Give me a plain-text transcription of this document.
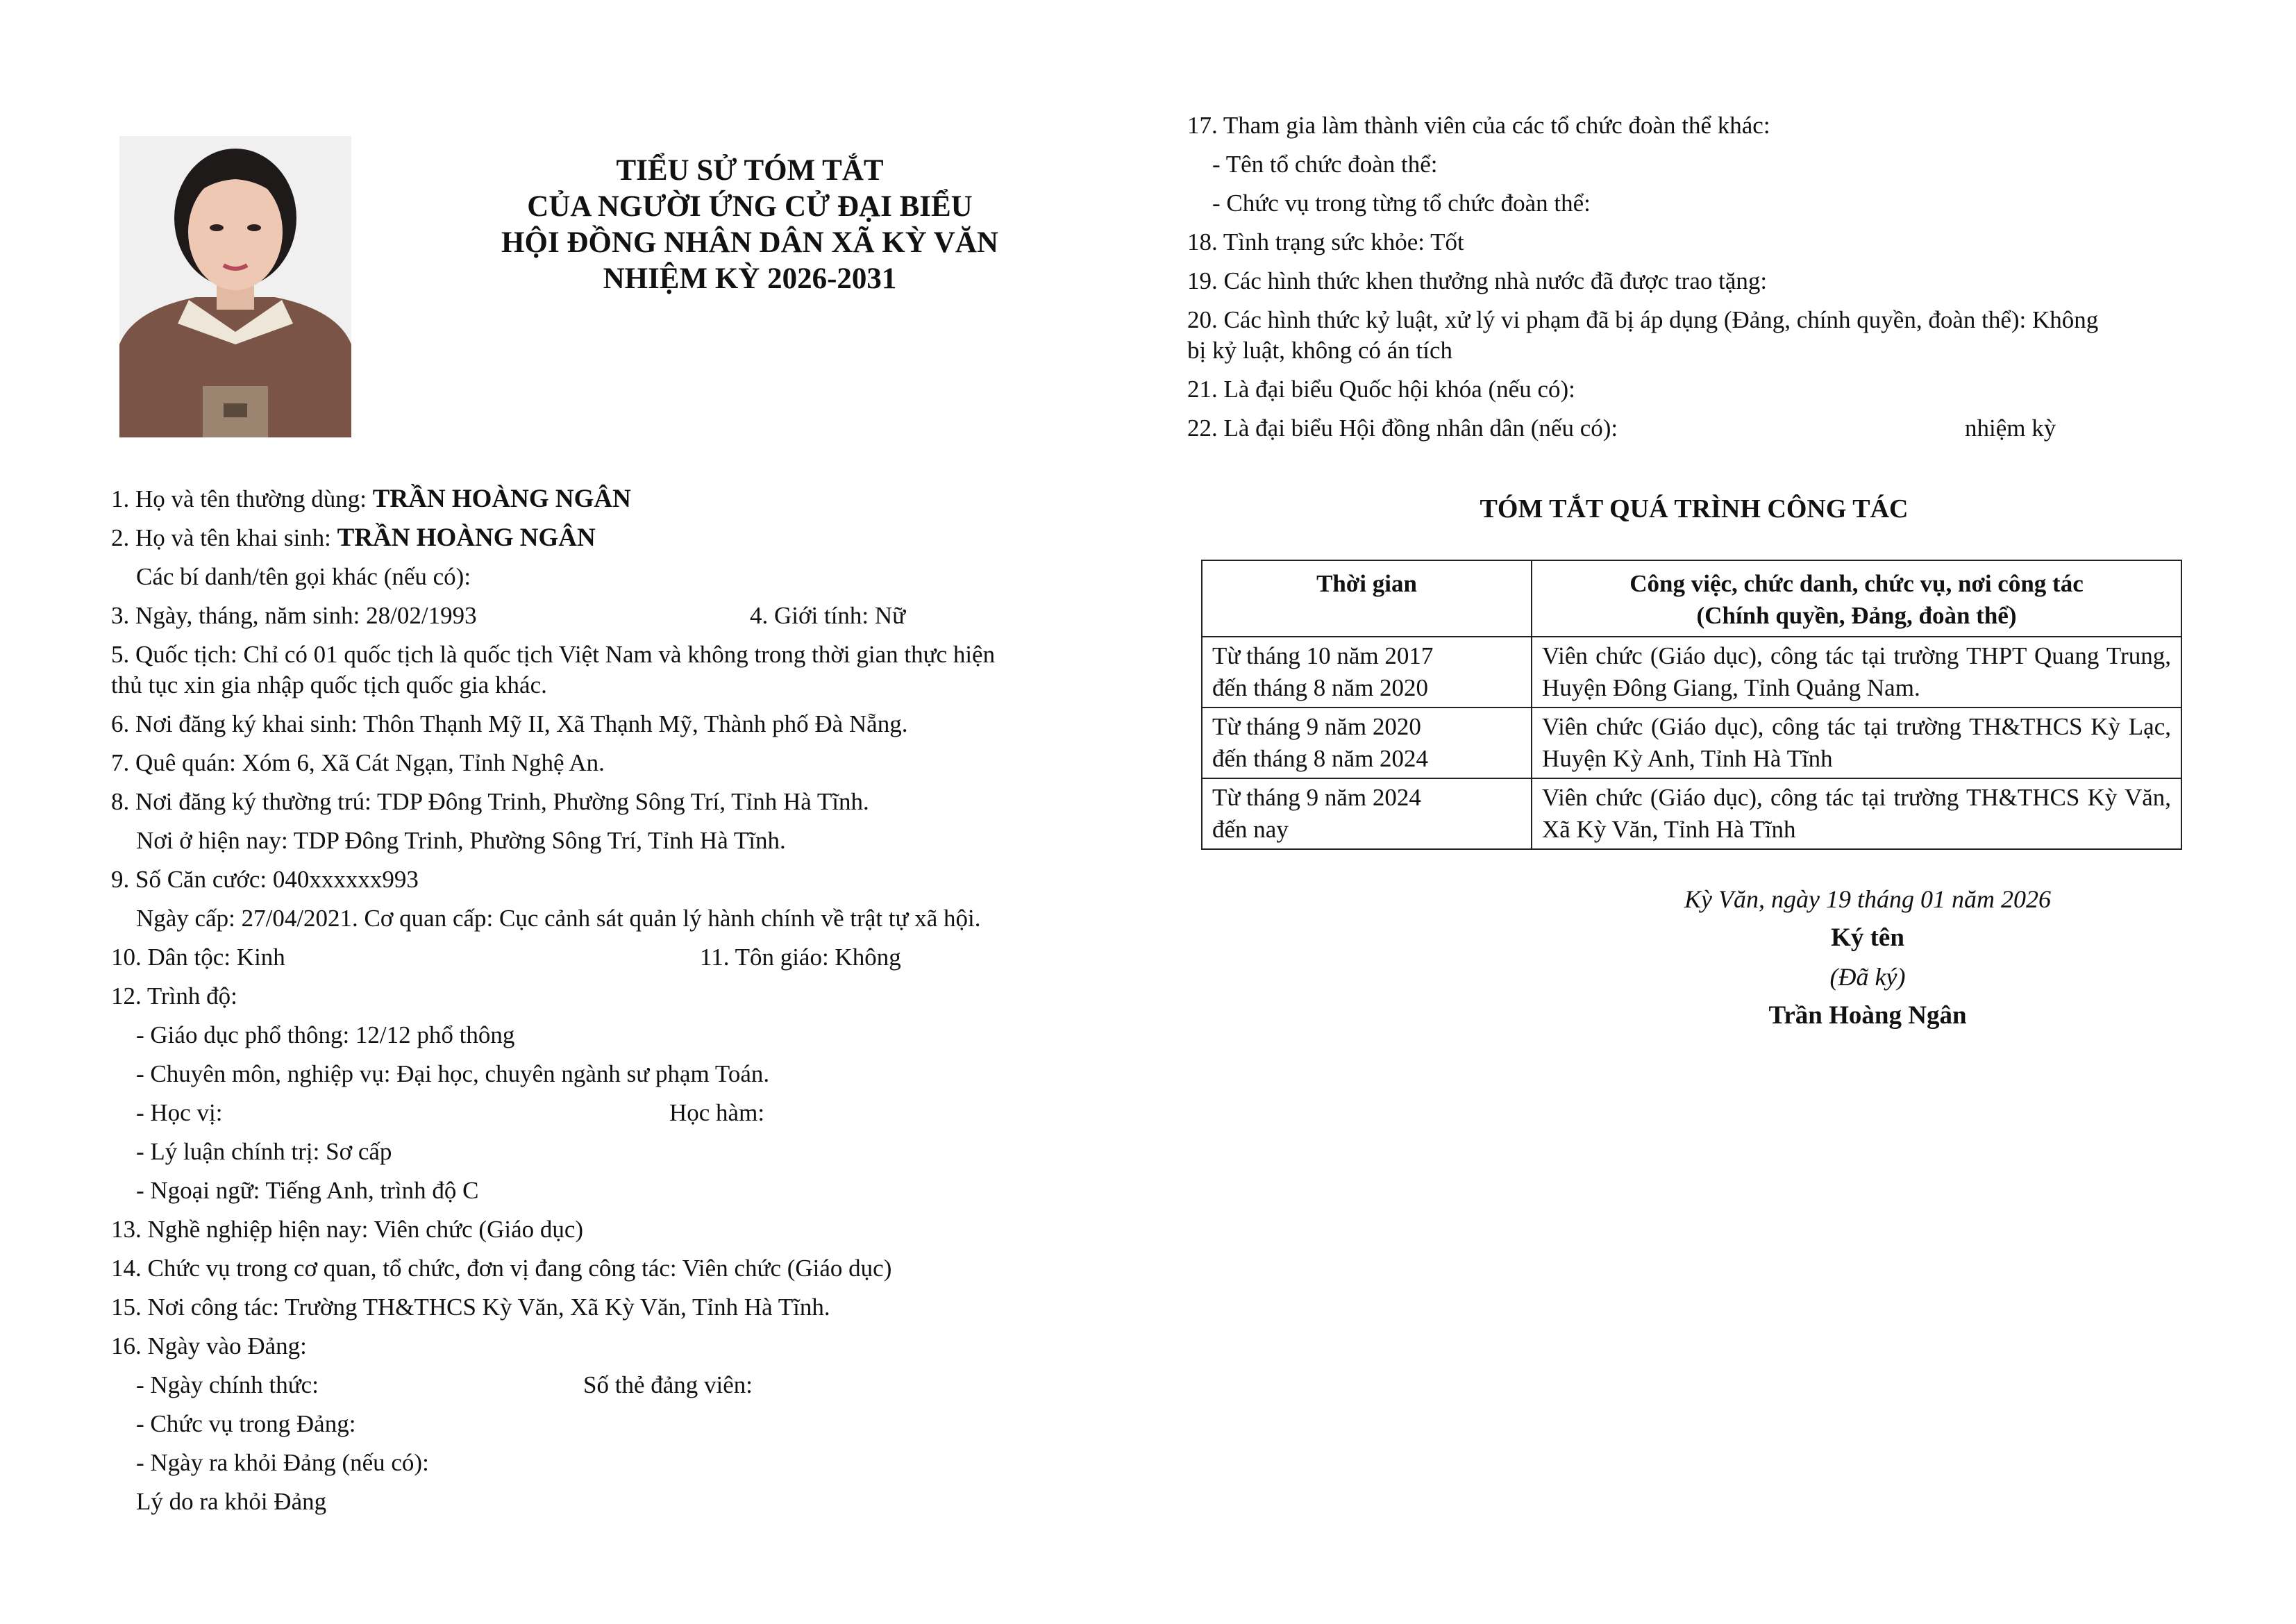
TIỂU SỬ TÓM TẮT
CỦA NGƯỜI ỨNG CỬ ĐẠI BIỂU
HỘI ĐỒNG NHÂN DÂN XÃ KỲ VĂN
NHIỆM KỲ 2026-2031
1. Họ và tên thường dùng: TRẦN HOÀNG NGÂN
2. Họ và tên khai sinh: TRẦN HOÀNG NGÂN
Các bí danh/tên gọi khác (nếu có):
3. Ngày, tháng, năm sinh: 28/02/1993	4. Giới tính: Nữ
5. Quốc tịch: Chỉ có 01 quốc tịch là quốc tịch Việt Nam và không trong thời gian thực hiện
thủ tục xin gia nhập quốc tịch quốc gia khác.
6. Nơi đăng ký khai sinh: Thôn Thạnh Mỹ II, Xã Thạnh Mỹ, Thành phố Đà Nẵng.
7. Quê quán: Xóm 6, Xã Cát Ngạn, Tỉnh Nghệ An.
8. Nơi đăng ký thường trú: TDP Đông Trinh, Phường Sông Trí, Tỉnh Hà Tĩnh.
Nơi ở hiện nay: TDP Đông Trinh, Phường Sông Trí, Tỉnh Hà Tĩnh.
9. Số Căn cước: 040xxxxxx993
Ngày cấp: 27/04/2021. Cơ quan cấp: Cục cảnh sát quản lý hành chính về trật tự xã hội.
10. Dân tộc: Kinh	11. Tôn giáo: Không
12. Trình độ:
- Giáo dục phổ thông: 12/12 phổ thông
- Chuyên môn, nghiệp vụ: Đại học, chuyên ngành sư phạm Toán.
- Học vị:	Học hàm:
- Lý luận chính trị: Sơ cấp
- Ngoại ngữ: Tiếng Anh, trình độ C
13. Nghề nghiệp hiện nay: Viên chức (Giáo dục)
14. Chức vụ trong cơ quan, tổ chức, đơn vị đang công tác: Viên chức (Giáo dục)
15. Nơi công tác: Trường TH&THCS Kỳ Văn, Xã Kỳ Văn, Tỉnh Hà Tĩnh.
16. Ngày vào Đảng:
- Ngày chính thức:	Số thẻ đảng viên:
- Chức vụ trong Đảng:
- Ngày ra khỏi Đảng (nếu có):
Lý do ra khỏi Đảng
17. Tham gia làm thành viên của các tổ chức đoàn thể khác:
- Tên tổ chức đoàn thể:
- Chức vụ trong từng tổ chức đoàn thể:
18. Tình trạng sức khỏe: Tốt
19. Các hình thức khen thưởng nhà nước đã được trao tặng:
20. Các hình thức kỷ luật, xử lý vi phạm đã bị áp dụng (Đảng, chính quyền, đoàn thể): Không
bị kỷ luật, không có án tích
21. Là đại biểu Quốc hội khóa (nếu có):
22. Là đại biểu Hội đồng nhân dân (nếu có):	nhiệm kỳ
TÓM TẮT QUÁ TRÌNH CÔNG TÁC
Thời gian	Công việc, chức danh, chức vụ, nơi công tác
(Chính quyền, Đảng, đoàn thể)

Từ tháng 10 năm 2017
đến tháng 8 năm 2020	Viên chức (Giáo dục), công tác tại trường THPT Quang Trung, Huyện Đông Giang, Tỉnh Quảng Nam.

Từ tháng 9 năm 2020
đến tháng 8 năm 2024	Viên chức (Giáo dục), công tác tại trường TH&THCS Kỳ Lạc, Huyện Kỳ Anh, Tỉnh Hà Tĩnh

Từ tháng 9 năm 2024
đến nay	Viên chức (Giáo dục), công tác tại trường TH&THCS Kỳ Văn, Xã Kỳ Văn, Tỉnh Hà Tĩnh
Kỳ Văn, ngày 19 tháng 01 năm 2026
Ký tên
(Đã ký)
Trần Hoàng Ngân
